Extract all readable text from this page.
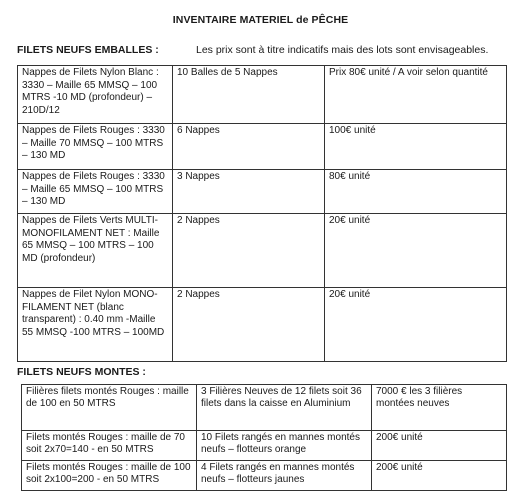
INVENTAIRE MATERIEL de PÊCHE
FILETS NEUFS EMBALLES :	Les prix sont à titre indicatifs mais des lots sont envisageables.
Nappes de Filets Nylon Blanc : 3330 – Maille 65 MMSQ – 100 MTRS -10 MD (profondeur) – 210D/12	10 Balles de 5 Nappes	Prix 80€ unité / A voir selon quantité
Nappes de Filets Rouges : 3330 – Maille 70 MMSQ – 100 MTRS – 130 MD	6 Nappes	100€ unité
Nappes de Filets Rouges : 3330 – Maille 65 MMSQ – 100 MTRS – 130 MD	3 Nappes	80€ unité
Nappes de Filets Verts MULTI-MONOFILAMENT NET : Maille 65 MMSQ – 100 MTRS – 100 MD (profondeur)	2 Nappes	20€ unité
Nappes de Filet Nylon MONO-FILAMENT NET (blanc transparent) : 0.40 mm -Maille 55 MMSQ -100 MTRS – 100MD	2 Nappes	20€ unité
FILETS NEUFS MONTES :
Filières filets montés Rouges : maille de 100 en 50 MTRS	3 Filières Neuves de 12 filets soit 36 filets dans la caisse en Aluminium	7000 € les 3 filières montées neuves
Filets montés Rouges : maille de 70 soit 2x70=140 - en 50 MTRS	10 Filets rangés en mannes montés neufs – flotteurs orange	200€ unité
Filets montés Rouges : maille de 100 soit 2x100=200 - en 50 MTRS	4 Filets rangés en mannes montés neufs – flotteurs jaunes	200€ unité
